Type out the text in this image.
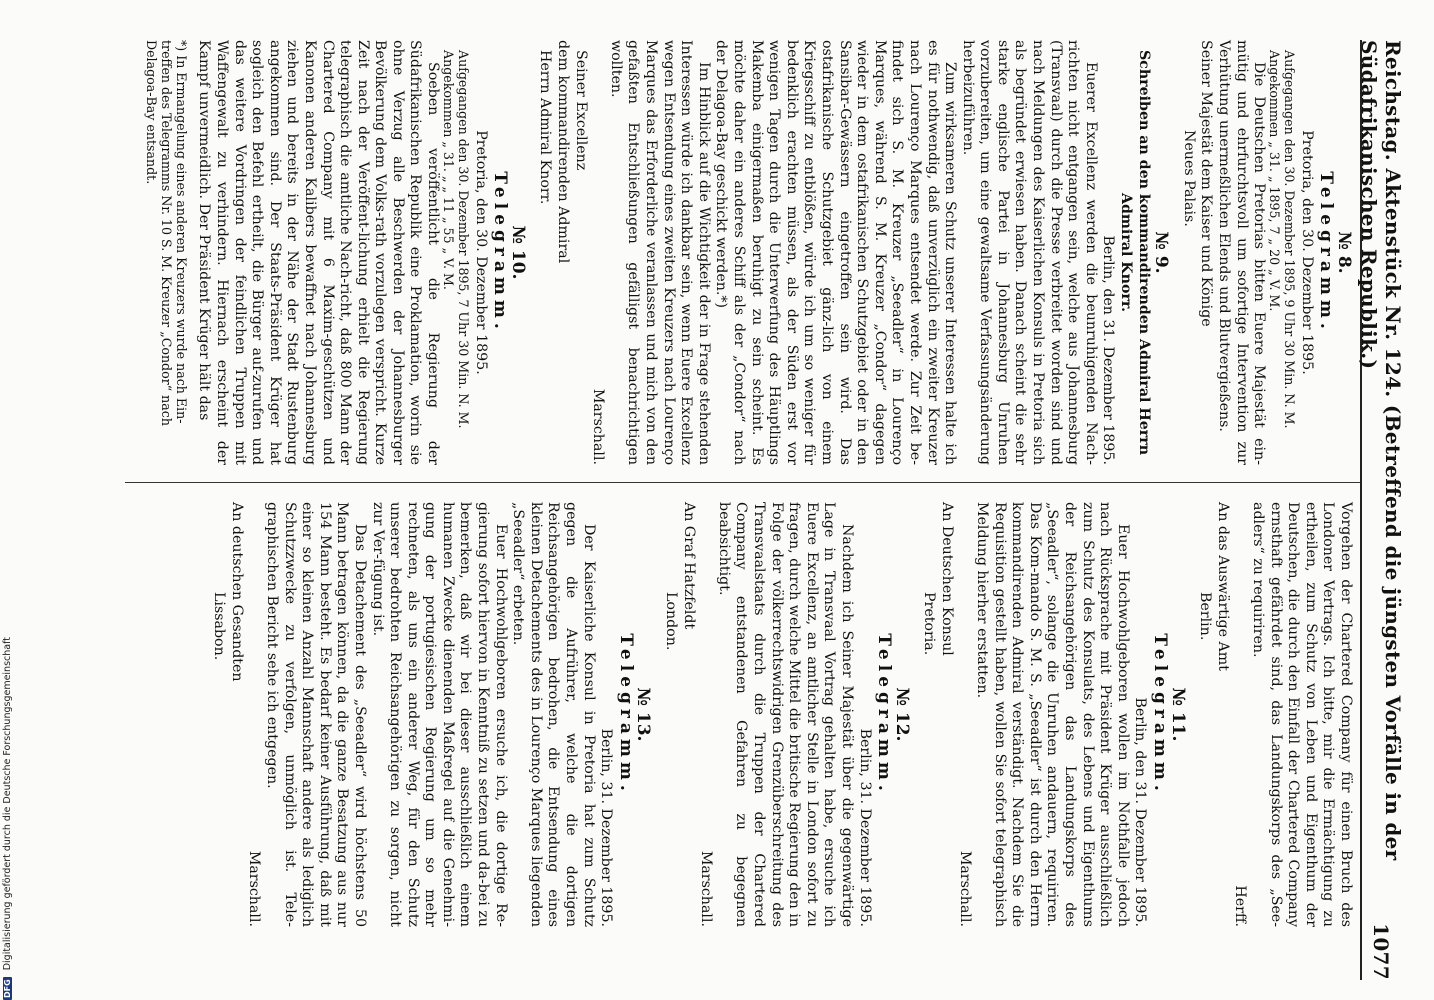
Reichstag. Aktenstück Nr. 124. (Betreffend die jüngsten Vorfälle in der Südafrikanischen Republik.)
1077
№ 8.
Telegramm.
Pretoria, den 30. Dezember 1895.
Aufgegangen den 30. Dezember 1895, 9 Uhr 30 Min. N. M.
Angekommen „ 31. „ 1895, 7 „ 20 „ V. M.

Die Deutschen Pretorias bitten Euere Majestät ein-mütig und ehrfurchtsvoll um sofortige Intervention zur Verhütung unermeßlichen Elends und Blutvergießens.

Seiner Majestät dem Kaiser und Könige
Neues Palais.
№ 9.
Schreiben an den kommandirenden Admiral Herrn Admiral Knorr.
Berlin, den 31. Dezember 1895.

Euerer Excellenz werden die beunruhigenden Nach-richten nicht entgangen sein, welche aus Johannesburg (Transvaal) durch die Presse verbreitet worden sind und nach Meldungen des Kaiserlichen Konsuls in Pretoria sich als begründet erwiesen haben. Danach scheint die sehr starke englische Partei in Johannesburg Unruhen vorzubereiten, um eine gewaltsame Verfassungsänderung herbeizuführen.

Zum wirksameren Schutz unserer Interessen halte ich es für nothwendig, daß unverzüglich ein zweiter Kreuzer nach Lourenço Marques entsendet werde. Zur Zeit be-findet sich S. M. Kreuzer „Seeadler“ in Lourenço Marques, während S. M. Kreuzer „Condor“ dagegen wieder in dem ostafrikanischen Schutzgebiet oder in den Sansibar-Gewässern eingetroffen sein wird. Das ostafrikanische Schutzgebiet gänz-lich von einem Kriegsschiff zu entblößen, würde ich um so weniger für bedenklich erachten müssen, als der Süden erst vor wenigen Tagen durch die Unterwerfung des Häuptlings Makemba einigermaßen beruhigt zu sein scheint. Es möchte daher ein anderes Schiff als der „Condor“ nach der Delagoa-Bay geschickt werden.*)

Im Hinblick auf die Wichtigkeit der in Frage stehenden Interessen würde ich dankbar sein, wenn Euere Excellenz wegen Entsendung eines zweiten Kreuzers nach Lourenço Marques das Erforderliche veranlassen und mich von den gefaßten Entschließungen gefälligst benachrichtigen wollten.

Marschall.
Seiner Excellenz
dem kommandirenden Admiral
Herrn Admiral Knorr.
№ 10.
Telegramm.
Pretoria, den 30. Dezember 1895.
Aufgegangen den 30. Dezember 1895, 7 Uhr 30 Min. N. M.
Angekommen „ 31. „ „ 11 „ 55 „ V. M.

Soeben veröffentlicht die Regierung der Südafrikanischen Republik eine Proklamation, worin sie ohne Verzug alle Beschwerden der Johannesburger Bevölkerung dem Volks-rath vorzulegen verspricht. Kurze Zeit nach der Veröffent-lichung erhielt die Regierung telegraphisch die amtliche Nach-richt, daß 800 Mann der Chartered Company mit 6 Maxim-geschützen und Kanonen anderen Kalibers bewaffnet nach Johannesburg ziehen und bereits in der Nähe der Stadt Rustenburg angekommen sind. Der Staats-Präsident Krüger hat sogleich den Befehl ertheilt, die Bürger auf-zurufen und das weitere Vordringen der feindlichen Truppen mit Waffengewalt zu verhindern. Hiernach erscheint der Kampf unvermeidlich. Der Präsident Krüger hält das

*) In Ermangelung eines anderen Kreuzers wurde nach Ein-treffen des Telegramms Nr. 10 S. M. Kreuzer „Condor“ nach Delagoa-Bay entsandt.

Vorgehen der Chartered Company für einen Bruch des Londoner Vertrags. Ich bitte, mir die Ermächtigung zu ertheilen, zum Schutz von Leben und Eigenthum der Deutschen, die durch den Einfall der Chartered Company ernsthaft gefährdet sind, das Landungskorps des „See-adlers“ zu requiriren.

Herff.
An das Auswärtige Amt
Berlin.
№ 11.
Telegramm.
Berlin, den 31. Dezember 1895.

Euer Hochwohlgeboren wollen im Nothfalle jedoch nach Rücksprache mit Präsident Krüger ausschließlich zum Schutz des Konsulats, des Lebens und Eigenthums der Reichsangehörigen das Landungskorps des „Seeadler“, solange die Unruhen andauern, requiriren. Das Kom-mando S. M. S. „Seeadler“ ist durch den Herrn kommandirenden Admiral verständigt. Nachdem Sie die Requisition gestellt haben, wollen Sie sofort telegraphisch Meldung hierher erstatten.

Marschall.
An Deutschen Konsul
Pretoria.
№ 12.
Telegramm.
Berlin, 31. Dezember 1895.

Nachdem ich Seiner Majestät über die gegenwärtige Lage in Transvaal Vortrag gehalten habe, ersuche ich Euere Excellenz, an amtlicher Stelle in London sofort zu fragen, durch welche Mittel die britische Regierung den in Folge der völkerrechtswidrigen Grenzüberschreitung des Transvaalstaats durch die Truppen der Chartered Company entstandenen Gefahren zu begegnen beabsichtigt.

Marschall.
An Graf Hatzfeldt
London.
№ 13.
Telegramm.
Berlin, 31. Dezember 1895.

Der Kaiserliche Konsul in Pretoria hat zum Schutz gegen die Aufrührer, welche die dortigen Reichsangehörigen bedrohen, die Entsendung eines kleinen Detachements des in Lourenço Marques liegenden „Seeadler“ erbeten.

Euer Hochwohlgeboren ersuche ich, die dortige Re-gierung sofort hiervon in Kenntniß zu setzen und da-bei zu bemerken, daß wir bei dieser ausschließlich einem humanen Zwecke dienenden Maßregel auf die Genehmi-gung der portugiesischen Regierung um so mehr rechneten, als uns ein anderer Weg, für den Schutz unserer bedrohten Reichsangehörigen zu sorgen, nicht zur Ver-fügung ist.

Das Detachement des „Seeadler“ wird höchstens 50 Mann betragen können, da die ganze Besatzung aus nur 154 Mann besteht. Es bedarf keiner Ausführung, daß mit einer so kleinen Anzahl Mannschaft andere als lediglich Schutzzwecke zu verfolgen, unmöglich ist. Tele-graphischen Bericht sehe ich entgegen.

Marschall.
An deutschen Gesandten
Lissabon.
DFG Digitalisierung gefördert durch die Deutsche Forschungsgemeinschaft
